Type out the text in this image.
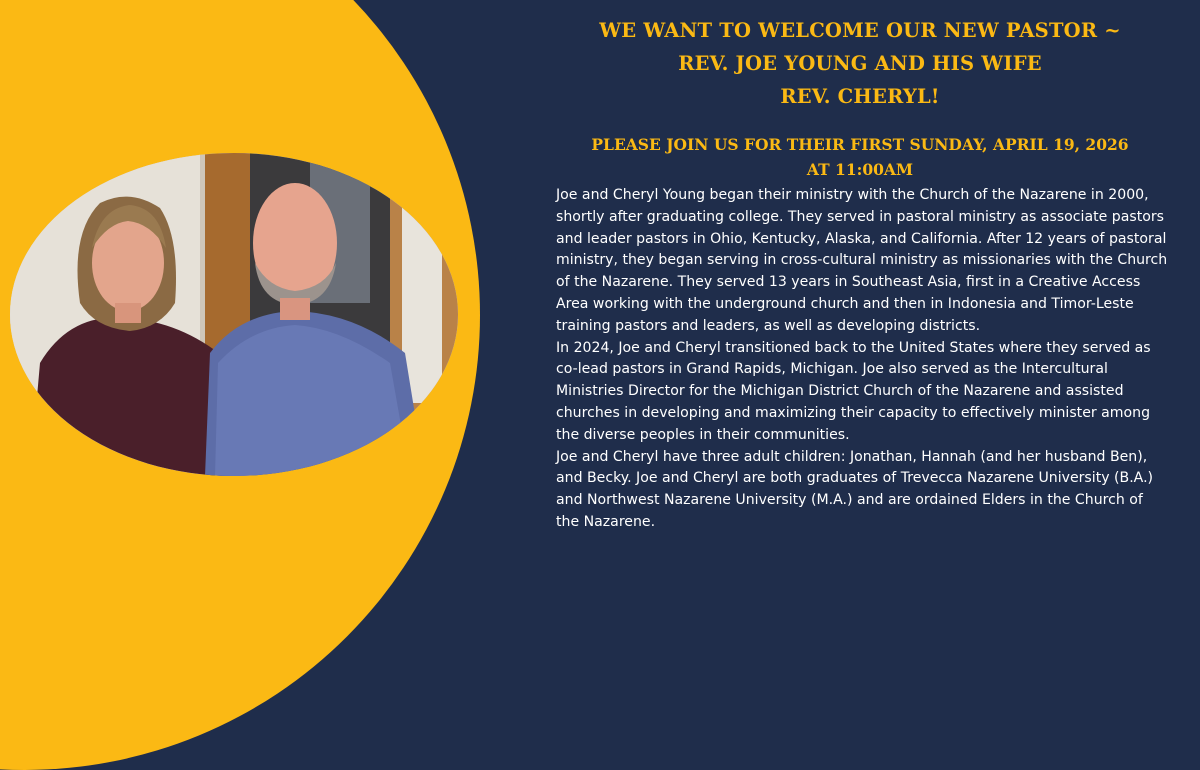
WE WANT TO WELCOME OUR NEW PASTOR ~
REV. JOE YOUNG AND HIS WIFE
REV. CHERYL!
PLEASE JOIN US FOR THEIR FIRST SUNDAY, APRIL 19, 2026
AT 11:00AM

Joe and Cheryl Young began their ministry with the Church of the Nazarene in 2000, shortly after graduating college. They served in pastoral ministry as associate pastors and leader pastors in Ohio, Kentucky, Alaska, and California. After 12 years of pastoral ministry, they began serving in cross-cultural ministry as missionaries with the Church of the Nazarene. They served 13 years in Southeast Asia, first in a Creative Access Area working with the underground church and then in Indonesia and Timor-Leste training pastors and leaders, as well as developing districts.

In 2024, Joe and Cheryl transitioned back to the United States where they served as co-lead pastors in Grand Rapids, Michigan. Joe also served as the Intercultural Ministries Director for the Michigan District Church of the Nazarene and assisted churches in developing and maximizing their capacity to effectively minister among the diverse peoples in their communities.

Joe and Cheryl have three adult children: Jonathan, Hannah (and her husband Ben), and Becky. Joe and Cheryl are both graduates of Trevecca Nazarene University (B.A.) and Northwest Nazarene University (M.A.) and are ordained Elders in the Church of the Nazarene.
